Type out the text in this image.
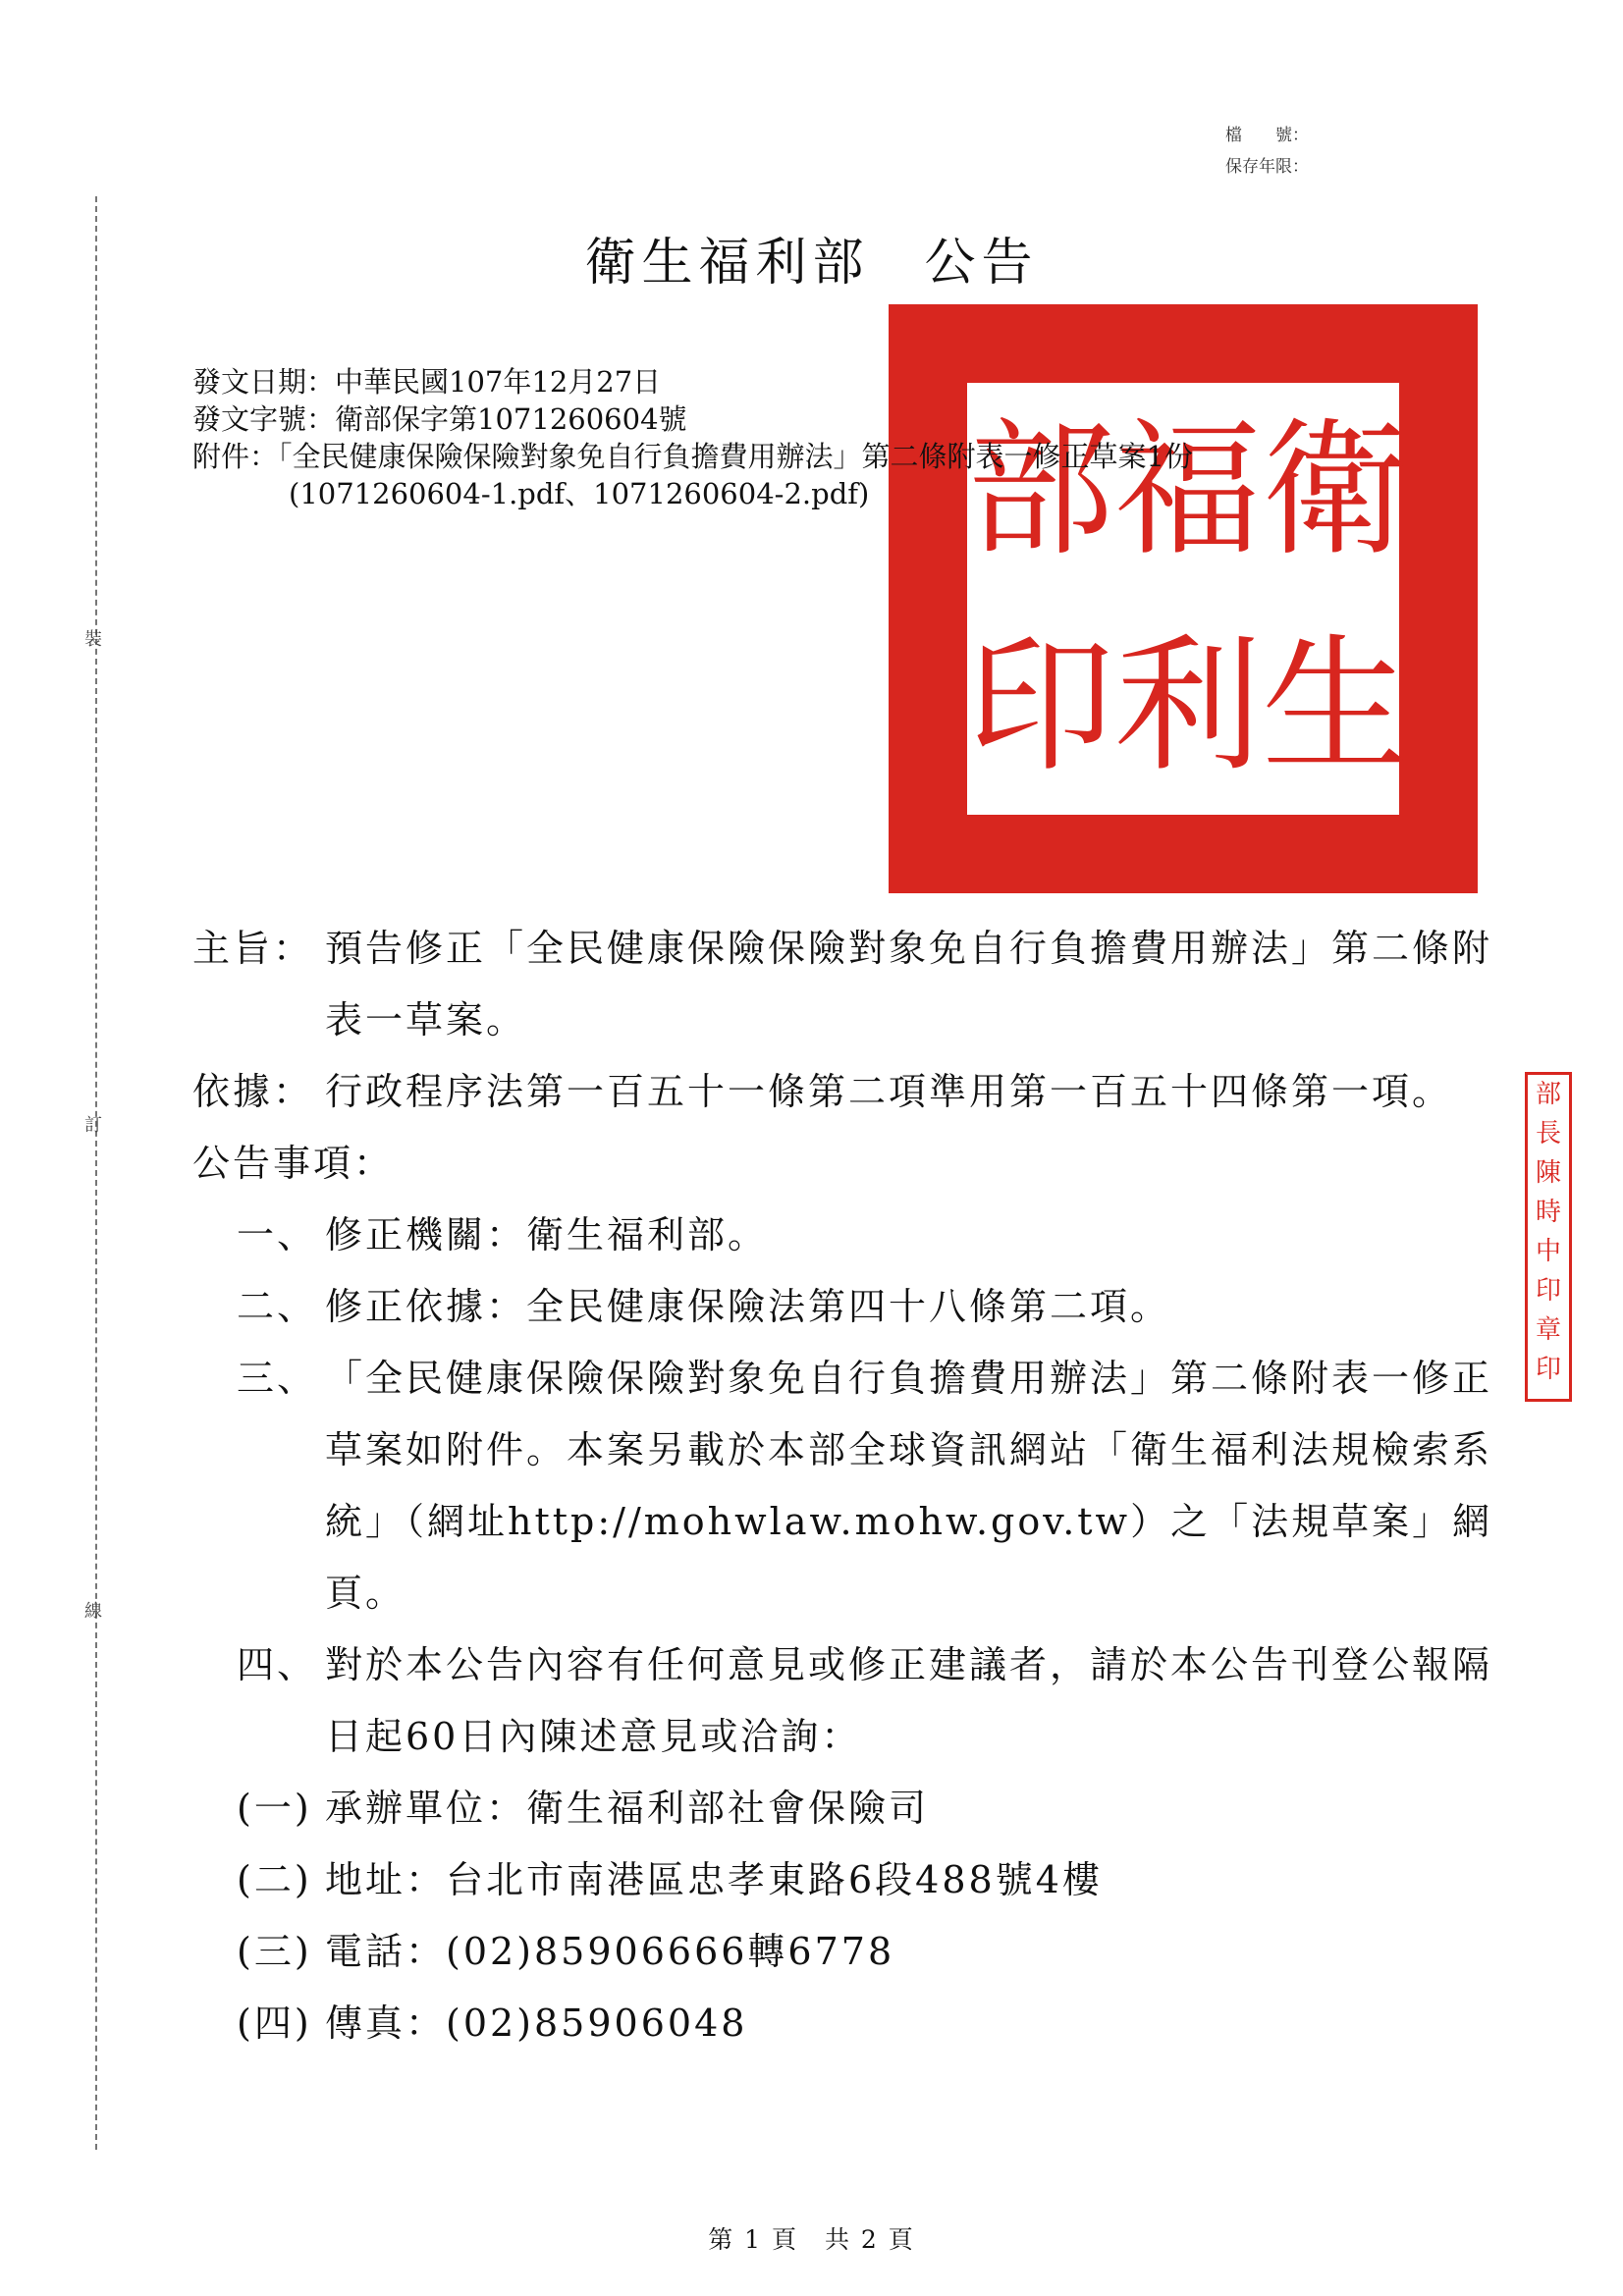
檔　　號：
保存年限：
裝
訂
線
部 福 衛
印 利 生
衛生福利部 公告
發文日期：中華民國107年12月27日
發文字號：衛部保字第1071260604號
附件：「全民健康保險保險對象免自行負擔費用辦法」第二條附表一修正草案1份
(1071260604-1.pdf、1071260604-2.pdf)
主旨： 預告修正「全民健康保險保險對象免自行負擔費用辦法」第二條附表一草案。
依據： 行政程序法第一百五十一條第二項準用第一百五十四條第一項。
公告事項：
一、 修正機關：衛生福利部。
二、 修正依據：全民健康保險法第四十八條第二項。
三、 「全民健康保險保險對象免自行負擔費用辦法」第二條附表一修正草案如附件。本案另載於本部全球資訊網站「衛生福利法規檢索系統」（網址http://mohwlaw.mohw.gov.tw）之「法規草案」網頁。
四、 對於本公告內容有任何意見或修正建議者，請於本公告刊登公報隔日起60日內陳述意見或洽詢：
(一) 承辦單位：衛生福利部社會保險司
(二) 地址：台北市南港區忠孝東路6段488號4樓
(三) 電話：(02)85906666轉6778
(四) 傳真：(02)85906048
部
長
陳
時
中
印
章
印
第 1 頁　共 2 頁
